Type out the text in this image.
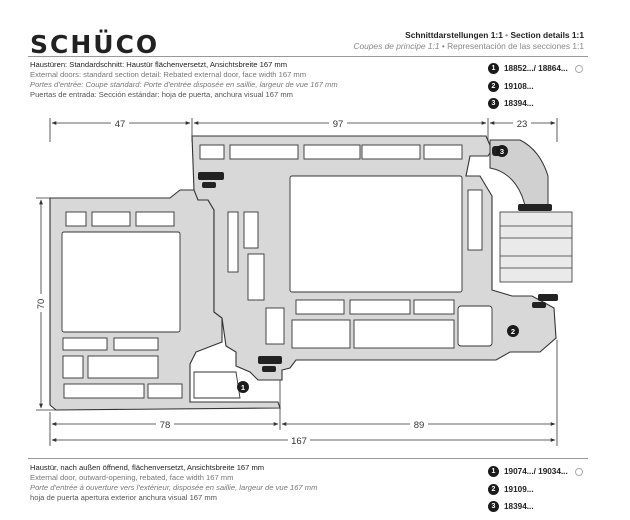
SCHÜCO	Schnittdarstellungen 1:1 • Section details 1:1
Coupes de principe 1:1 • Representación de las secciones 1:1
Haustüren: Standardschnitt: Haustür flächenversetzt, Ansichtsbreite 167 mm
External doors: standard section detail: Rebated external door, face width 167 mm
Portes d'entrée: Coupe standard: Porte d'entrée disposée en saillie, largeur de vue 167 mm
Puertas de entrada: Sección estándar: hoja de puerta, anchura visual 167 mm
1	18852.../ 18864...
2	19108...
3	18394...
47	97	23
70
78	89
167
1
2
3
Haustür, nach außen öffnend, flächenversetzt, Ansichtsbreite 167 mm
External door, outward-opening, rebated, face width 167 mm
Porte d'entrée à ouverture vers l'extérieur, disposée en saillie, largeur de vue 167 mm
hoja de puerta apertura exterior anchura visual 167 mm
1	19074.../ 19034...
2	19109...
3	18394...
